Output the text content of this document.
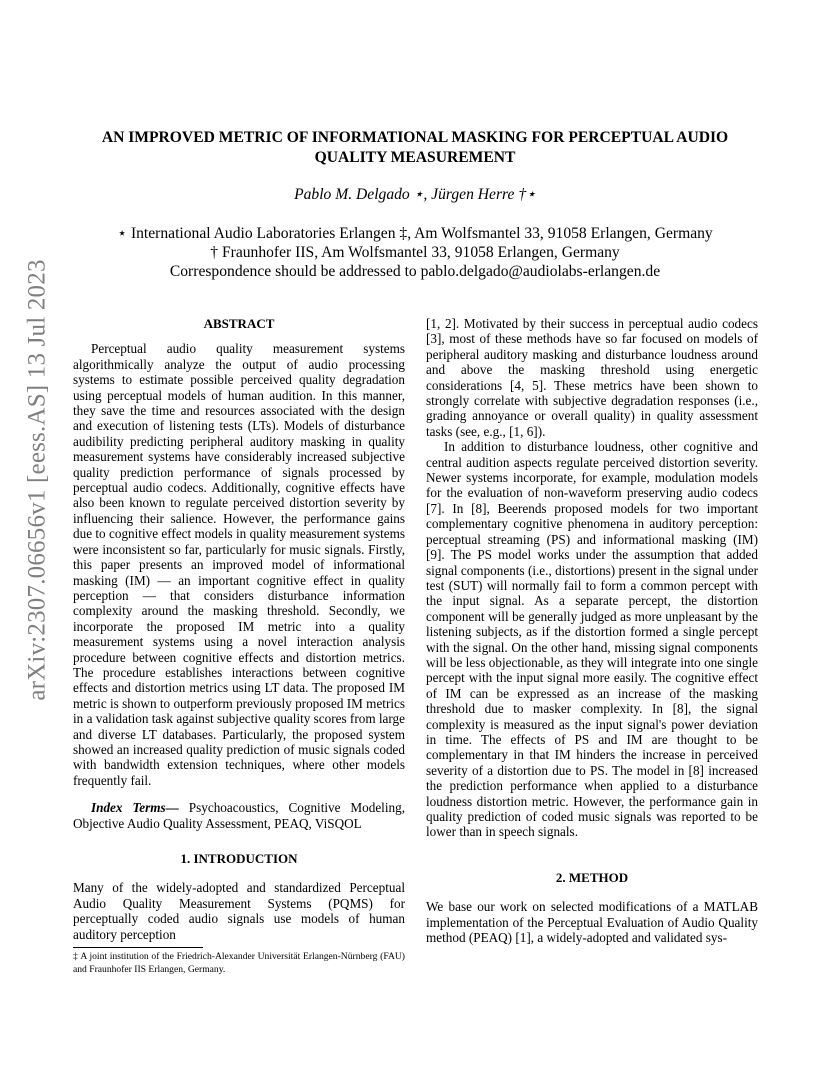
arXiv:2307.06656v1 [eess.AS] 13 Jul 2023
AN IMPROVED METRIC OF INFORMATIONAL MASKING FOR PERCEPTUAL AUDIO
QUALITY MEASUREMENT
Pablo M. Delgado ⋆, Jürgen Herre †⋆
⋆ International Audio Laboratories Erlangen ‡, Am Wolfsmantel 33, 91058 Erlangen, Germany
† Fraunhofer IIS, Am Wolfsmantel 33, 91058 Erlangen, Germany
Correspondence should be addressed to pablo.delgado@audiolabs-erlangen.de
ABSTRACT

Perceptual audio quality measurement systems algorithmically analyze the output of audio processing systems to estimate possible perceived quality degradation using perceptual models of human audition. In this manner, they save the time and resources associated with the design and execution of listening tests (LTs). Models of disturbance audibility predicting peripheral auditory masking in quality measurement systems have considerably increased subjective quality prediction performance of signals processed by perceptual audio codecs. Additionally, cognitive effects have also been known to regulate perceived distortion severity by influencing their salience. However, the performance gains due to cognitive effect models in quality measurement systems were inconsistent so far, particularly for music signals. Firstly, this paper presents an improved model of informational masking (IM) — an important cognitive effect in quality perception — that considers disturbance information complexity around the masking threshold. Secondly, we incorporate the proposed IM metric into a quality measurement systems using a novel interaction analysis procedure between cognitive effects and distortion metrics. The procedure establishes interactions between cognitive effects and distortion metrics using LT data. The proposed IM metric is shown to outperform previously proposed IM metrics in a validation task against subjective quality scores from large and diverse LT databases. Particularly, the proposed system showed an increased quality prediction of music signals coded with bandwidth extension techniques, where other models frequently fail.

Index Terms— Psychoacoustics, Cognitive Modeling, Objective Audio Quality Assessment, PEAQ, ViSQOL

1. INTRODUCTION

Many of the widely-adopted and standardized Perceptual Audio Quality Measurement Systems (PQMS) for perceptually coded audio signals use models of human auditory perception

‡ A joint institution of the Friedrich-Alexander Universität Erlangen-Nürnberg (FAU) and Fraunhofer IIS Erlangen, Germany.

[1, 2]. Motivated by their success in perceptual audio codecs [3], most of these methods have so far focused on models of peripheral auditory masking and disturbance loudness around and above the masking threshold using energetic considerations [4, 5]. These metrics have been shown to strongly correlate with subjective degradation responses (i.e., grading annoyance or overall quality) in quality assessment tasks (see, e.g., [1, 6]).

In addition to disturbance loudness, other cognitive and central audition aspects regulate perceived distortion severity. Newer systems incorporate, for example, modulation models for the evaluation of non-waveform preserving audio codecs [7]. In [8], Beerends proposed models for two important complementary cognitive phenomena in auditory perception: perceptual streaming (PS) and informational masking (IM) [9]. The PS model works under the assumption that added signal components (i.e., distortions) present in the signal under test (SUT) will normally fail to form a common percept with the input signal. As a separate percept, the distortion component will be generally judged as more unpleasant by the listening subjects, as if the distortion formed a single percept with the signal. On the other hand, missing signal components will be less objectionable, as they will integrate into one single percept with the input signal more easily. The cognitive effect of IM can be expressed as an increase of the masking threshold due to masker complexity. In [8], the signal complexity is measured as the input signal's power deviation in time. The effects of PS and IM are thought to be complementary in that IM hinders the increase in perceived severity of a distortion due to PS. The model in [8] increased the prediction performance when applied to a disturbance loudness distortion metric. However, the performance gain in quality prediction of coded music signals was reported to be lower than in speech signals.

2. METHOD

We base our work on selected modifications of a MATLAB implementation of the Perceptual Evaluation of Audio Quality method (PEAQ) [1], a widely-adopted and validated sys-
